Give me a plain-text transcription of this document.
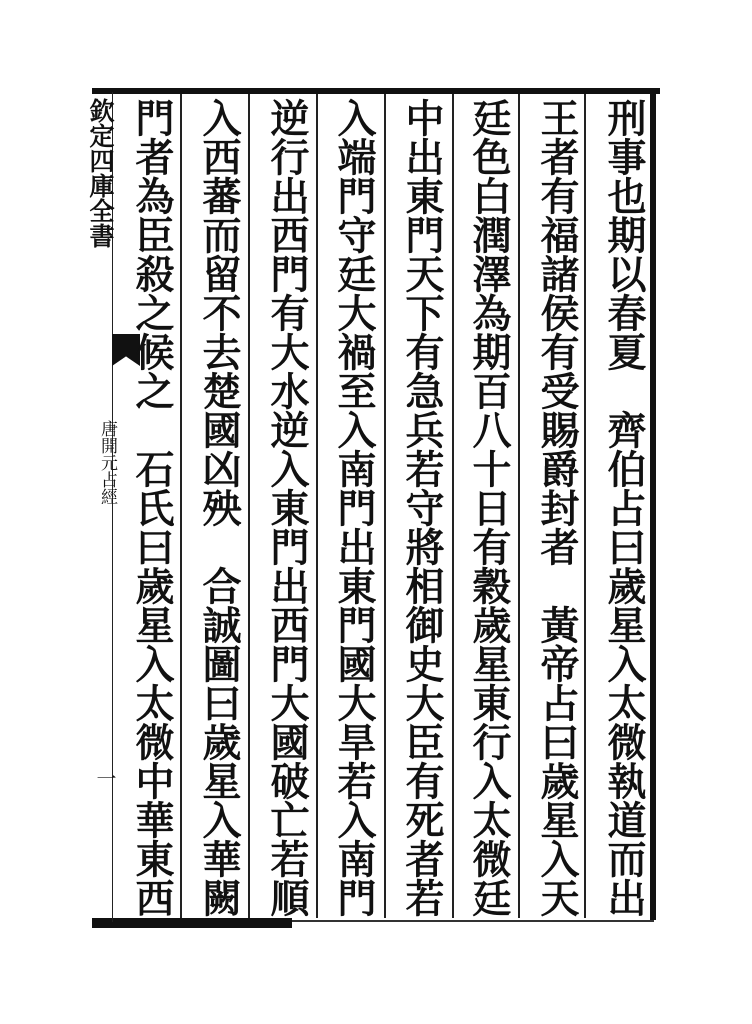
欽定四庫全書
唐開元占經
一	刑事也期以春夏　齊伯占曰歲星入太微執道而出
王者有福諸侯有受賜爵封者　黃帝占曰歲星入天
廷色白潤澤為期百八十日有穀歲星東行入太微廷
中出東門天下有急兵若守將相御史大臣有死者若
入端門守廷大禍至入南門出東門國大旱若入南門
逆行出西門有大水逆入東門出西門大國破亡若順
入西蕃而留不去楚國凶殃　合誠圖曰歲星入華闕
門者為臣殺之候之　石氏曰歲星入太微中華東西
